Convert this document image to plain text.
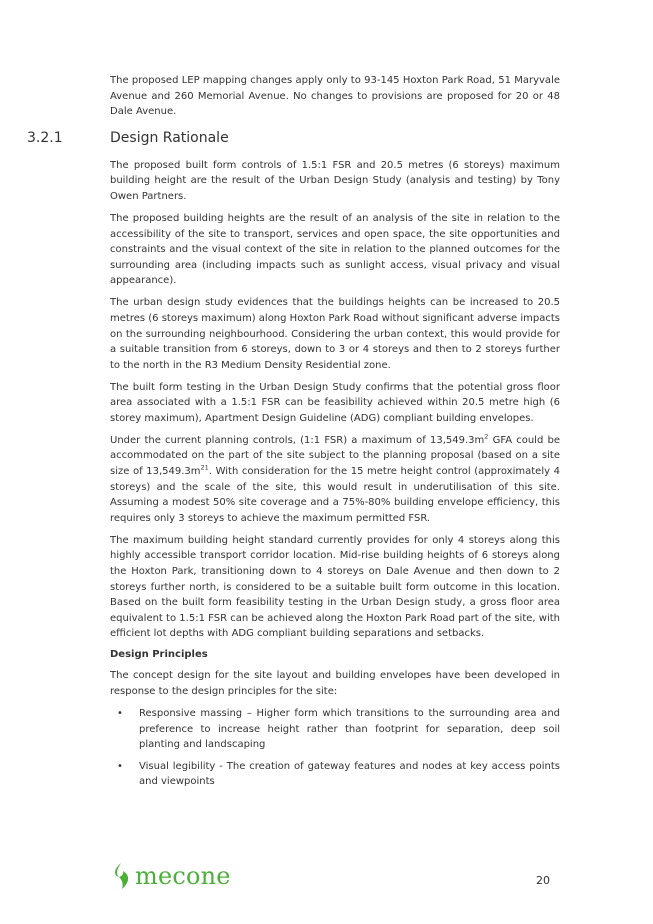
The proposed LEP mapping changes apply only to 93-145 Hoxton Park Road, 51 Maryvale Avenue and 260 Memorial Avenue. No changes to provisions are proposed for 20 or 48 Dale Avenue.

3.2.1	Design Rationale

The proposed built form controls of 1.5:1 FSR and 20.5 metres (6 storeys) maximum building height are the result of the Urban Design Study (analysis and testing) by Tony Owen Partners.

The proposed building heights are the result of an analysis of the site in relation to the accessibility of the site to transport, services and open space, the site opportunities and constraints and the visual context of the site in relation to the planned outcomes for the surrounding area (including impacts such as sunlight access, visual privacy and visual appearance).

The urban design study evidences that the buildings heights can be increased to 20.5 metres (6 storeys maximum) along Hoxton Park Road without significant adverse impacts on the surrounding neighbourhood. Considering the urban context, this would provide for a suitable transition from 6 storeys, down to 3 or 4 storeys and then to 2 storeys further to the north in the R3 Medium Density Residential zone.

The built form testing in the Urban Design Study confirms that the potential gross floor area associated with a 1.5:1 FSR can be feasibility achieved within 20.5 metre high (6 storey maximum), Apartment Design Guideline (ADG) compliant building envelopes.

Under the current planning controls, (1:1 FSR) a maximum of $13,549.3m^2$ GFA could be accommodated on the part of the site subject to the planning proposal (based on a site size of $13,549.3m^{21}$. With consideration for the 15 metre height control (approximately 4 storeys) and the scale of the site, this would result in underutilisation of this site. Assuming a modest 50% site coverage and a 75%-80% building envelope efficiency, this requires only 3 storeys to achieve the maximum permitted FSR.

The maximum building height standard currently provides for only 4 storeys along this highly accessible transport corridor location. Mid-rise building heights of 6 storeys along the Hoxton Park, transitioning down to 4 storeys on Dale Avenue and then down to 2 storeys further north, is considered to be a suitable built form outcome in this location. Based on the built form feasibility testing in the Urban Design study, a gross floor area equivalent to 1.5:1 FSR can be achieved along the Hoxton Park Road part of the site, with efficient lot depths with ADG compliant building separations and setbacks.

Design Principles

The concept design for the site layout and building envelopes have been developed in response to the design principles for the site:

• Responsive massing – Higher form which transitions to the surrounding area and preference to increase height rather than footprint for separation, deep soil planting and landscaping
• Visual legibility - The creation of gateway features and nodes at key access points and viewpoints
mecone	20
